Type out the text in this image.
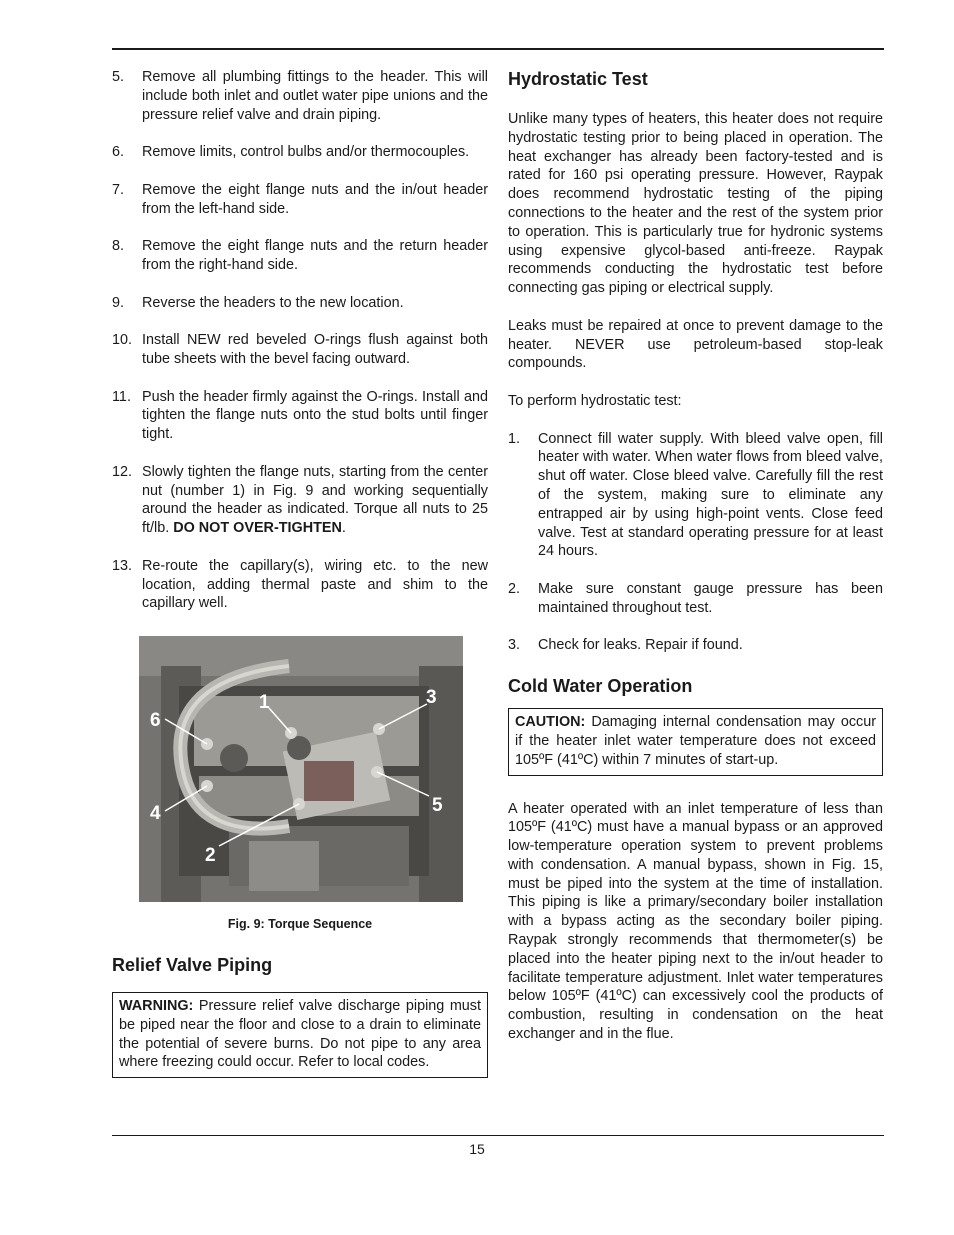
5. Remove all plumbing fittings to the header. This will include both inlet and outlet water pipe unions and the pressure relief valve and drain piping.
6. Remove limits, control bulbs and/or thermocouples.
7. Remove the eight flange nuts and the in/out header from the left-hand side.
8. Remove the eight flange nuts and the return header from the right-hand side.
9. Reverse the headers to the new location.
10. Install NEW red beveled O-rings flush against both tube sheets with the bevel facing outward.
11. Push the header firmly against the O-rings. Install and tighten the flange nuts onto the stud bolts until finger tight.
12. Slowly tighten the flange nuts, starting from the center nut (number 1) in Fig. 9 and working sequentially around the header as indicated. Torque all nuts to 25 ft/lb. DO NOT OVER-TIGHTEN.
13. Re-route the capillary(s), wiring etc. to the new location, adding thermal paste and shim to the capillary well.
1
2
3
4	5
6
Fig. 9: Torque Sequence
Relief Valve Piping
WARNING: Pressure relief valve discharge piping must be piped near the floor and close to a drain to eliminate the potential of severe burns. Do not pipe to any area where freezing could occur. Refer to local codes.
Hydrostatic Test

Unlike many types of heaters, this heater does not require hydrostatic testing prior to being placed in operation. The heat exchanger has already been factory-tested and is rated for 160 psi operating pressure. However, Raypak does recommend hydrostatic testing of the piping connections to the heater and the rest of the system prior to operation. This is particularly true for hydronic systems using expensive glycol-based anti-freeze. Raypak recommends conducting the hydrostatic test before connecting gas piping or electrical supply.

Leaks must be repaired at once to prevent damage to the heater. NEVER use petroleum-based stop-leak compounds.

To perform hydrostatic test:

1. Connect fill water supply. With bleed valve open, fill heater with water. When water flows from bleed valve, shut off water. Close bleed valve. Carefully fill the rest of the system, making sure to eliminate any entrapped air by using high-point vents. Close feed valve. Test at standard operating pressure for at least 24 hours.
2. Make sure constant gauge pressure has been maintained throughout test.
3. Check for leaks. Repair if found.
Cold Water Operation
CAUTION: Damaging internal condensation may occur if the heater inlet water temperature does not exceed 105ºF (41ºC) within 7 minutes of start-up.

A heater operated with an inlet temperature of less than 105ºF (41ºC) must have a manual bypass or an approved low-temperature operation system to prevent problems with condensation. A manual bypass, shown in Fig. 15, must be piped into the system at the time of installation. This piping is like a primary/secondary boiler installation with a bypass acting as the secondary boiler piping. Raypak strongly recommends that thermometer(s) be placed into the heater piping next to the in/out header to facilitate temperature adjustment. Inlet water temperatures below 105ºF (41ºC) can excessively cool the products of combustion, resulting in condensation on the heat exchanger and in the flue.

15
